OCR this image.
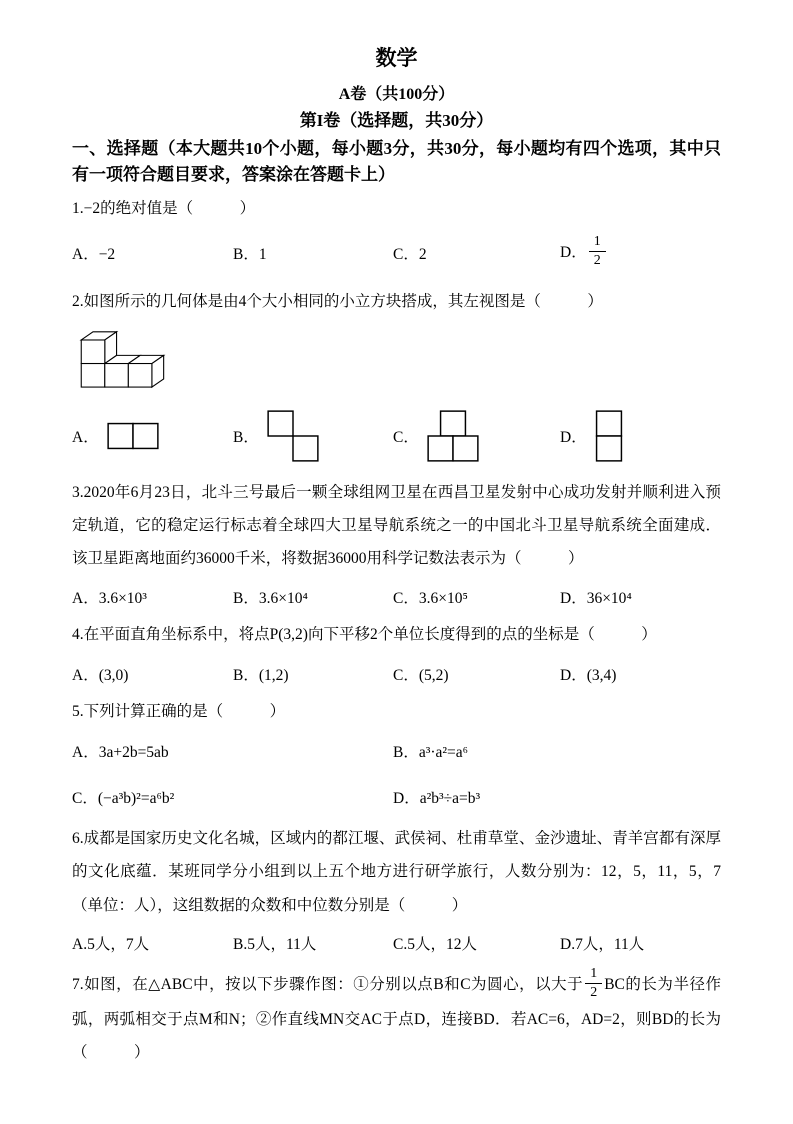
数学
A卷（共100分）
第I卷（选择题，共30分）
一、选择题（本大题共10个小题，每小题3分，共30分，每小题均有四个选项，其中只有一项符合题目要求，答案涂在答题卡上）

1.−2的绝对值是（　　　）

A．−2	B．1	C．2	D． $\frac{1}{2}$

2.如图所示的几何体是由4个大小相同的小立方块搭成，其左视图是（　　　）

A．	B．	C．	D．

3.2020年6月23日，北斗三号最后一颗全球组网卫星在西昌卫星发射中心成功发射并顺利进入预定轨道，它的稳定运行标志着全球四大卫星导航系统之一的中国北斗卫星导航系统全面建成．该卫星距离地面约36000千米，将数据36000用科学记数法表示为（　　　）

A．3.6×10³	B．3.6×10⁴	C．3.6×10⁵	D．36×10⁴

4.在平面直角坐标系中，将点P(3,2)向下平移2个单位长度得到的点的坐标是（　　　）

A．(3,0)	B．(1,2)	C．(5,2)	D．(3,4)

5.下列计算正确的是（　　　）

A．3a+2b=5ab	B．a³·a²=a⁶
C．(−a³b)²=a⁶b²	D．a²b³÷a=b³

6.成都是国家历史文化名城，区域内的都江堰、武侯祠、杜甫草堂、金沙遗址、青羊宫都有深厚的文化底蕴．某班同学分小组到以上五个地方进行研学旅行，人数分别为：12，5，11，5，7（单位：人），这组数据的众数和中位数分别是（　　　）

A.5人，7人	B.5人，11人	C.5人，12人	D.7人，11人

7.如图，在△ABC中，按以下步骤作图：①分别以点B和C为圆心，以大于 $\frac{1}{2}$ BC的长为半径作弧，两弧相交于点M和N；②作直线MN交AC于点D，连接BD．若AC=6，AD=2，则BD的长为（　　　）
